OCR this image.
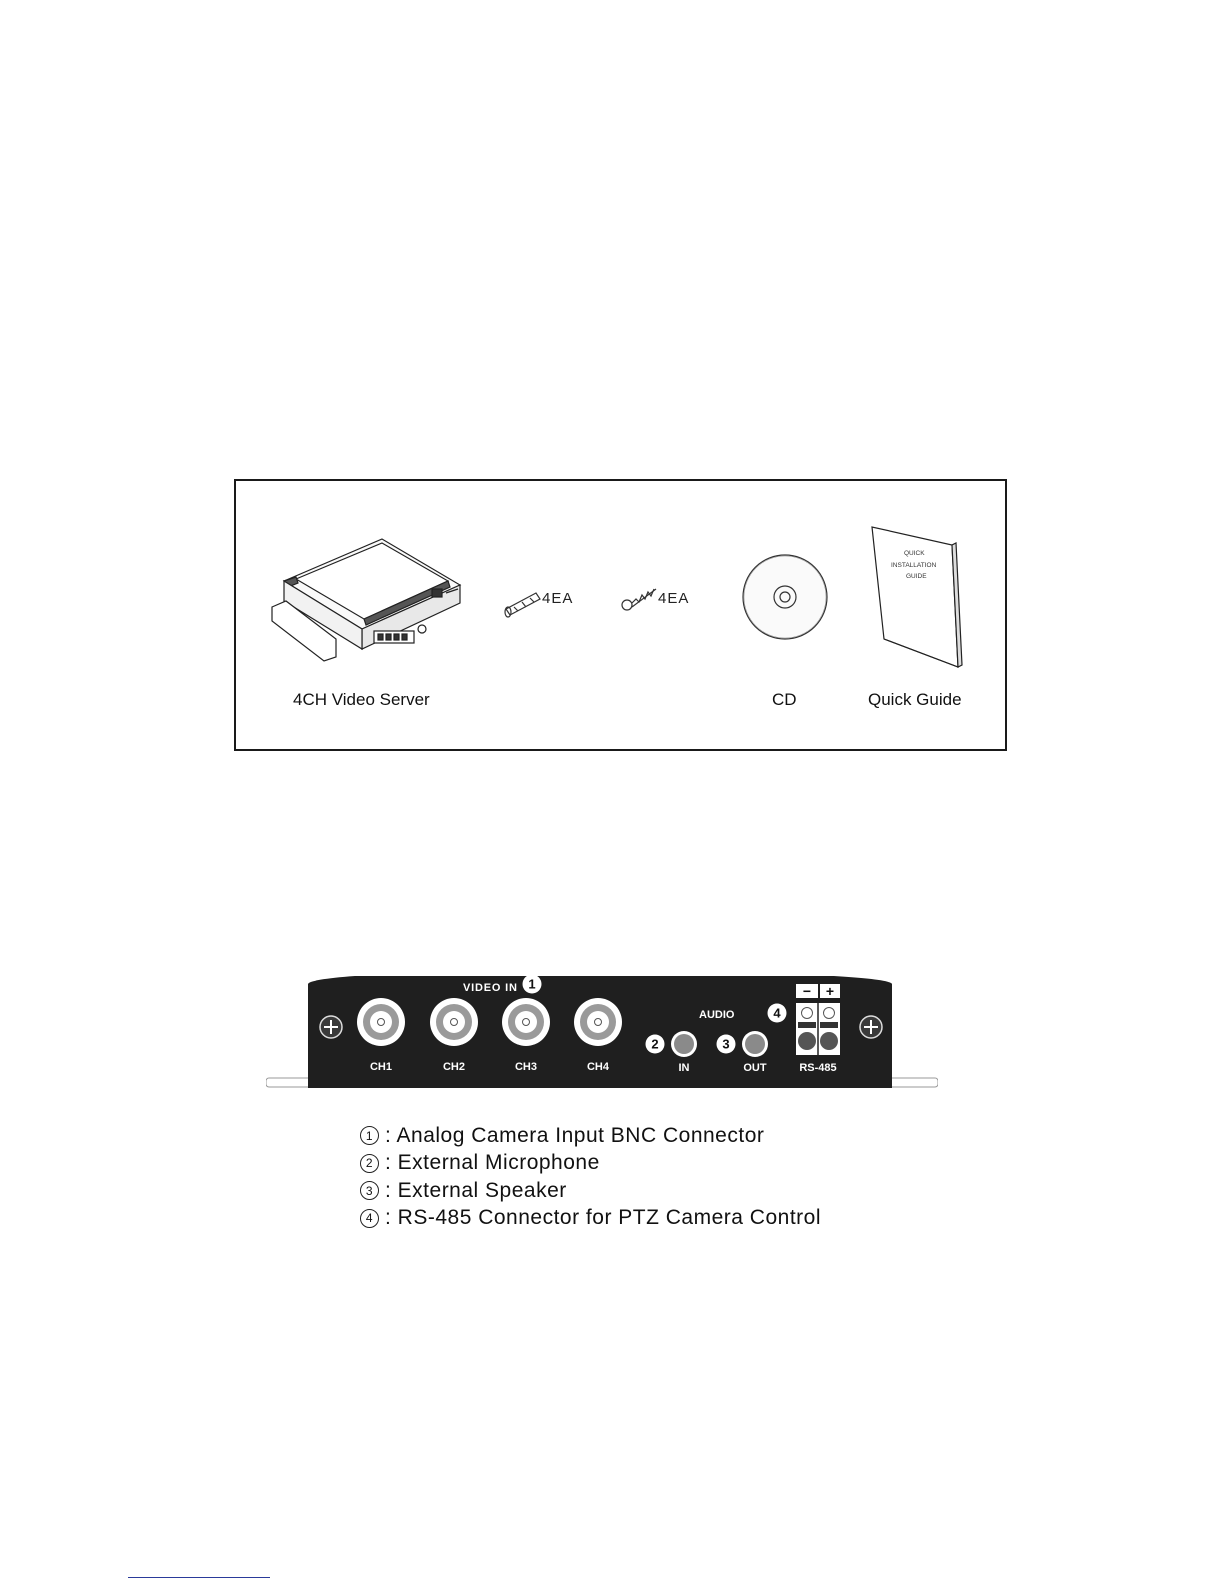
QUICK INSTALLATION GUIDE
4CH Video Server
4EA	4EA
CD	Quick Guide
VIDEO IN 1
CH1	CH2	CH3	CH4
AUDIO
2
IN
3
OUT
4
− +
RS-485
1 : Analog Camera Input BNC Connector
2 : External Microphone
3 : External Speaker
4 : RS-485 Connector for PTZ Camera Control
